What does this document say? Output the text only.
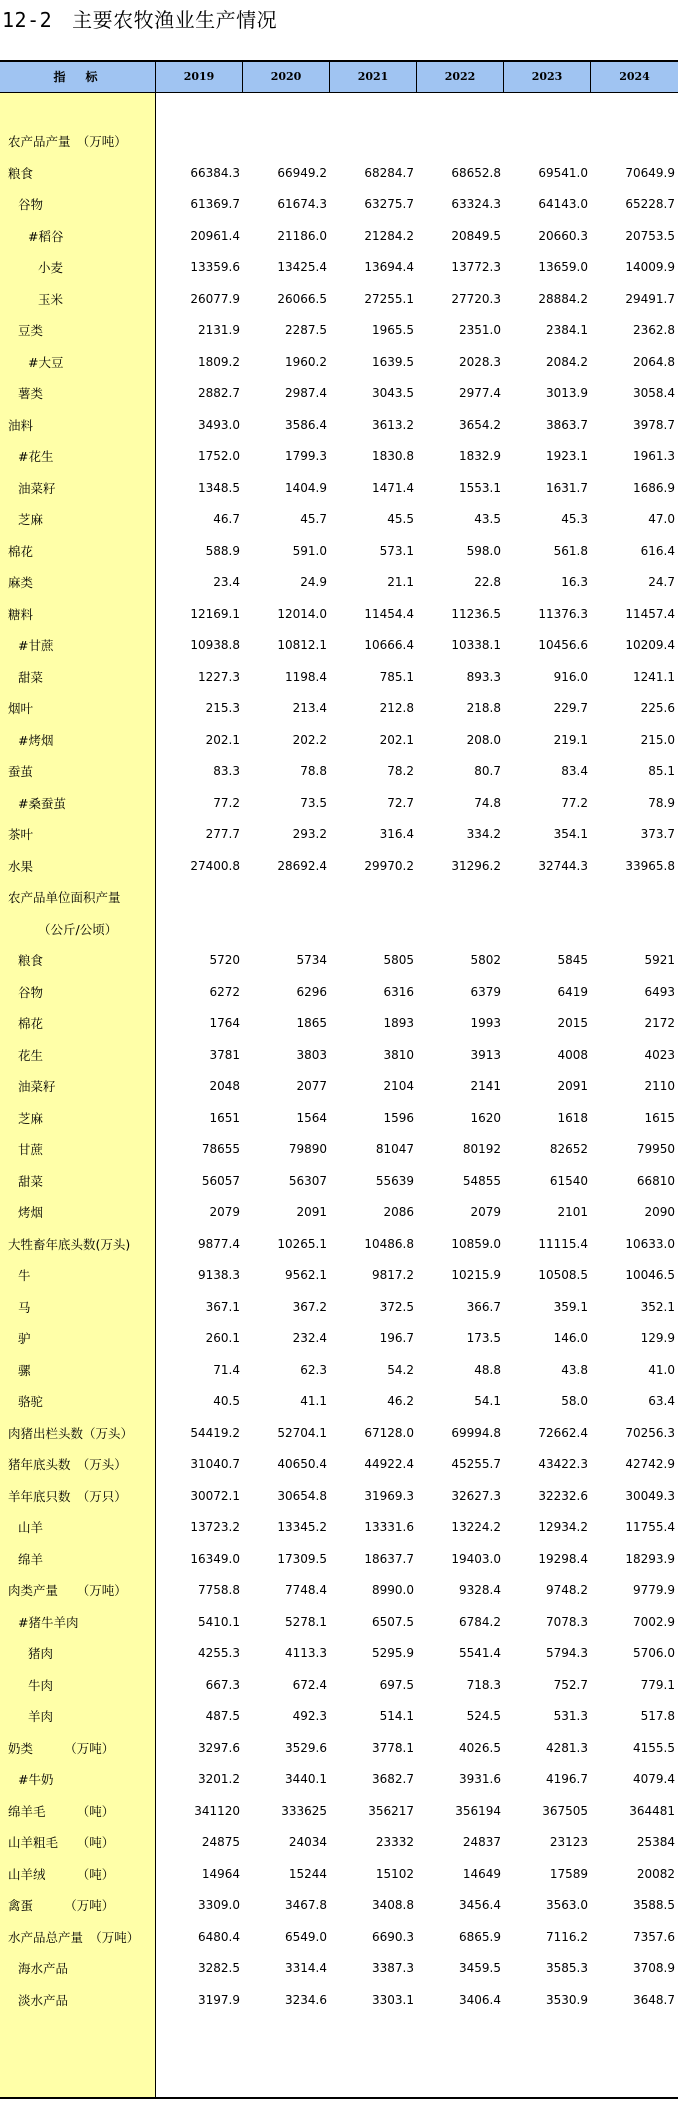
12-2 主要农牧渔业生产情况
指　标	2019	2020	2021	2022	2023	2024
农产品产量　（万吨）
粮食	66384.3	66949.2	68284.7	68652.8	69541.0	70649.9
谷物	61369.7	61674.3	63275.7	63324.3	64143.0	65228.7
#稻谷	20961.4	21186.0	21284.2	20849.5	20660.3	20753.5
小麦	13359.6	13425.4	13694.4	13772.3	13659.0	14009.9
玉米	26077.9	26066.5	27255.1	27720.3	28884.2	29491.7
豆类	2131.9	2287.5	1965.5	2351.0	2384.1	2362.8
#大豆	1809.2	1960.2	1639.5	2028.3	2084.2	2064.8
薯类	2882.7	2987.4	3043.5	2977.4	3013.9	3058.4
油料	3493.0	3586.4	3613.2	3654.2	3863.7	3978.7
#花生	1752.0	1799.3	1830.8	1832.9	1923.1	1961.3
油菜籽	1348.5	1404.9	1471.4	1553.1	1631.7	1686.9
芝麻	46.7	45.7	45.5	43.5	45.3	47.0
棉花	588.9	591.0	573.1	598.0	561.8	616.4
麻类	23.4	24.9	21.1	22.8	16.3	24.7
糖料	12169.1	12014.0	11454.4	11236.5	11376.3	11457.4
#甘蔗	10938.8	10812.1	10666.4	10338.1	10456.6	10209.4
甜菜	1227.3	1198.4	785.1	893.3	916.0	1241.1
烟叶	215.3	213.4	212.8	218.8	229.7	225.6
#烤烟	202.1	202.2	202.1	208.0	219.1	215.0
蚕茧	83.3	78.8	78.2	80.7	83.4	85.1
#桑蚕茧	77.2	73.5	72.7	74.8	77.2	78.9
茶叶	277.7	293.2	316.4	334.2	354.1	373.7
水果	27400.8	28692.4	29970.2	31296.2	32744.3	33965.8
农产品单位面积产量
（公斤/公顷）
粮食	5720	5734	5805	5802	5845	5921
谷物	6272	6296	6316	6379	6419	6493
棉花	1764	1865	1893	1993	2015	2172
花生	3781	3803	3810	3913	4008	4023
油菜籽	2048	2077	2104	2141	2091	2110
芝麻	1651	1564	1596	1620	1618	1615
甘蔗	78655	79890	81047	80192	82652	79950
甜菜	56057	56307	55639	54855	61540	66810
烤烟	2079	2091	2086	2079	2101	2090
大牲畜年底头数(万头)	9877.4	10265.1	10486.8	10859.0	11115.4	10633.0
牛	9138.3	9562.1	9817.2	10215.9	10508.5	10046.5
马	367.1	367.2	372.5	366.7	359.1	352.1
驴	260.1	232.4	196.7	173.5	146.0	129.9
骡	71.4	62.3	54.2	48.8	43.8	41.0
骆驼	40.5	41.1	46.2	54.1	58.0	63.4
肉猪出栏头数（万头）	54419.2	52704.1	67128.0	69994.8	72662.4	70256.3
猪年底头数　（万头）	31040.7	40650.4	44922.4	45255.7	43422.3	42742.9
羊年底只数　（万只）	30072.1	30654.8	31969.3	32627.3	32232.6	30049.3
山羊	13723.2	13345.2	13331.6	13224.2	12934.2	11755.4
绵羊	16349.0	17309.5	18637.7	19403.0	19298.4	18293.9
肉类产量　　（万吨）	7758.8	7748.4	8990.0	9328.4	9748.2	9779.9
#猪牛羊肉	5410.1	5278.1	6507.5	6784.2	7078.3	7002.9
猪肉	4255.3	4113.3	5295.9	5541.4	5794.3	5706.0
牛肉	667.3	672.4	697.5	718.3	752.7	779.1
羊肉	487.5	492.3	514.1	524.5	531.3	517.8
奶类　　　（万吨）	3297.6	3529.6	3778.1	4026.5	4281.3	4155.5
#牛奶	3201.2	3440.1	3682.7	3931.6	4196.7	4079.4
绵羊毛　　　（吨）	341120	333625	356217	356194	367505	364481
山羊粗毛　　（吨）	24875	24034	23332	24837	23123	25384
山羊绒　　　（吨）	14964	15244	15102	14649	17589	20082
禽蛋　　　（万吨）	3309.0	3467.8	3408.8	3456.4	3563.0	3588.5
水产品总产量　（万吨）	6480.4	6549.0	6690.3	6865.9	7116.2	7357.6
海水产品	3282.5	3314.4	3387.3	3459.5	3585.3	3708.9
淡水产品	3197.9	3234.6	3303.1	3406.4	3530.9	3648.7
